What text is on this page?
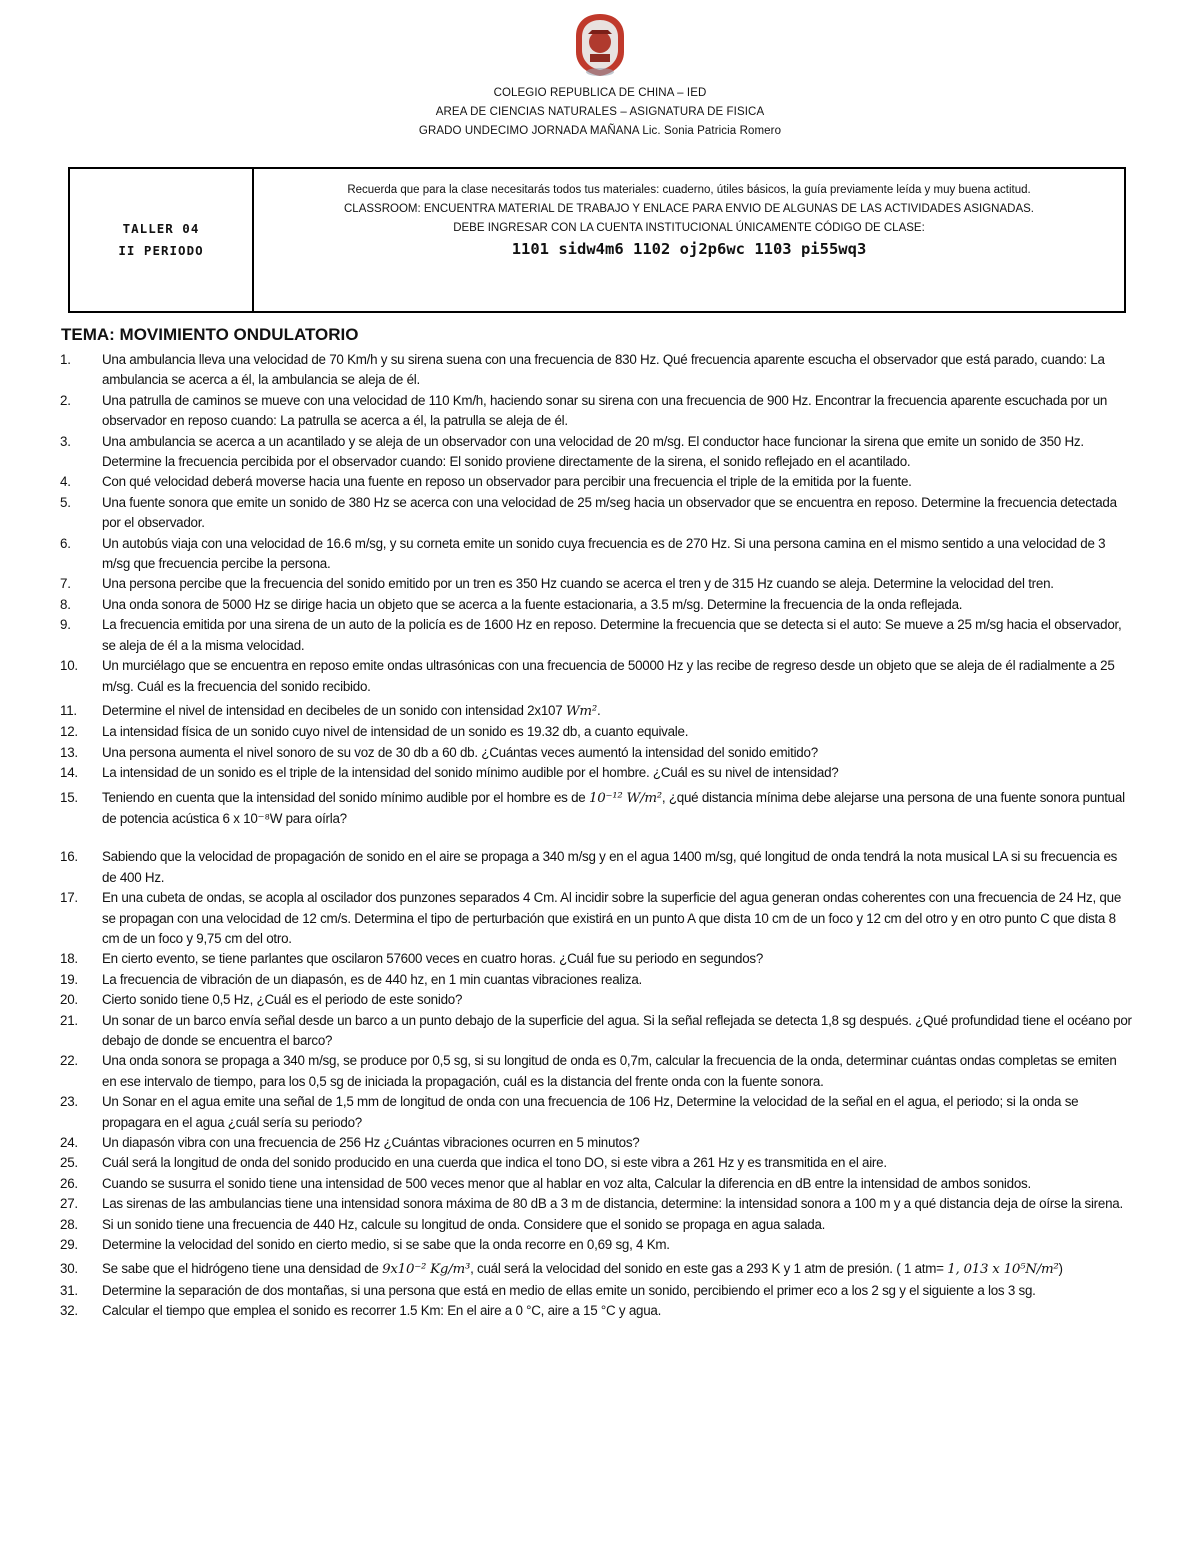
COLEGIO REPUBLICA DE CHINA – IED
AREA DE CIENCIAS NATURALES – ASIGNATURA DE FISICA
GRADO UNDECIMO JORNADA MAÑANA Lic. Sonia Patricia Romero
TALLER 04
II PERIODO
Recuerda que para la clase necesitarás todos tus materiales: cuaderno, útiles básicos, la guía previamente leída y muy buena actitud.
CLASSROOM: ENCUENTRA MATERIAL DE TRABAJO Y ENLACE PARA ENVIO DE ALGUNAS DE LAS ACTIVIDADES ASIGNADAS.
DEBE INGRESAR CON LA CUENTA INSTITUCIONAL ÚNICAMENTE CÓDIGO DE CLASE:
1101 sidw4m6 1102 oj2p6wc 1103 pi55wq3
TEMA: MOVIMIENTO ONDULATORIO
1.	Una ambulancia lleva una velocidad de 70 Km/h y su sirena suena con una frecuencia de 830 Hz. Qué frecuencia aparente escucha el observador que está parado, cuando: La ambulancia se acerca a él, la ambulancia se aleja de él.
2.	Una patrulla de caminos se mueve con una velocidad de 110 Km/h, haciendo sonar su sirena con una frecuencia de 900 Hz. Encontrar la frecuencia aparente escuchada por un observador en reposo cuando: La patrulla se acerca a él, la patrulla se aleja de él.
3.	Una ambulancia se acerca a un acantilado y se aleja de un observador con una velocidad de 20 m/sg. El conductor hace funcionar la sirena que emite un sonido de 350 Hz. Determine la frecuencia percibida por el observador cuando: El sonido proviene directamente de la sirena, el sonido reflejado en el acantilado.
4.	Con qué velocidad deberá moverse hacia una fuente en reposo un observador para percibir una frecuencia el triple de la emitida por la fuente.
5.	Una fuente sonora que emite un sonido de 380 Hz se acerca con una velocidad de 25 m/seg hacia un observador que se encuentra en reposo. Determine la frecuencia detectada por el observador.
6.	Un autobús viaja con una velocidad de 16.6 m/sg, y su corneta emite un sonido cuya frecuencia es de 270 Hz. Si una persona camina en el mismo sentido a una velocidad de 3 m/sg que frecuencia percibe la persona.
7.	Una persona percibe que la frecuencia del sonido emitido por un tren es 350 Hz cuando se acerca el tren y de 315 Hz cuando se aleja. Determine la velocidad del tren.
8.	Una onda sonora de 5000 Hz se dirige hacia un objeto que se acerca a la fuente estacionaria, a 3.5 m/sg. Determine la frecuencia de la onda reflejada.
9.	La frecuencia emitida por una sirena de un auto de la policía es de 1600 Hz en reposo. Determine la frecuencia que se detecta si el auto: Se mueve a 25 m/sg hacia el observador, se aleja de él a la misma velocidad.
10.	Un murciélago que se encuentra en reposo emite ondas ultrasónicas con una frecuencia de 50000 Hz y las recibe de regreso desde un objeto que se aleja de él radialmente a 25 m/sg. Cuál es la frecuencia del sonido recibido.
11.	Determine el nivel de intensidad en decibeles de un sonido con intensidad 2x107 Wm².
12.	La intensidad física de un sonido cuyo nivel de intensidad de un sonido es 19.32 db, a cuanto equivale.
13.	Una persona aumenta el nivel sonoro de su voz de 30 db a 60 db. ¿Cuántas veces aumentó la intensidad del sonido emitido?
14.	La intensidad de un sonido es el triple de la intensidad del sonido mínimo audible por el hombre. ¿Cuál es su nivel de intensidad?
15.	Teniendo en cuenta que la intensidad del sonido mínimo audible por el hombre es de 10⁻¹² W/m², ¿qué distancia mínima debe alejarse una persona de una fuente sonora puntual de potencia acústica 6 x 10⁻⁸W para oírla?
16.	Sabiendo que la velocidad de propagación de sonido en el aire se propaga a 340 m/sg y en el agua 1400 m/sg, qué longitud de onda tendrá la nota musical LA si su frecuencia es de 400 Hz.
17.	En una cubeta de ondas, se acopla al oscilador dos punzones separados 4 Cm. Al incidir sobre la superficie del agua generan ondas coherentes con una frecuencia de 24 Hz, que se propagan con una velocidad de 12 cm/s. Determina el tipo de perturbación que existirá en un punto A que dista 10 cm de un foco y 12 cm del otro y en otro punto C que dista 8 cm de un foco y 9,75 cm del otro.
18.	En cierto evento, se tiene parlantes que oscilaron 57600 veces en cuatro horas. ¿Cuál fue su periodo en segundos?
19.	La frecuencia de vibración de un diapasón, es de 440 hz, en 1 min cuantas vibraciones realiza.
20.	Cierto sonido tiene 0,5 Hz, ¿Cuál es el periodo de este sonido?
21.	Un sonar de un barco envía señal desde un barco a un punto debajo de la superficie del agua. Si la señal reflejada se detecta 1,8 sg después. ¿Qué profundidad tiene el océano por debajo de donde se encuentra el barco?
22.	Una onda sonora se propaga a 340 m/sg, se produce por 0,5 sg, si su longitud de onda es 0,7m, calcular la frecuencia de la onda, determinar cuántas ondas completas se emiten en ese intervalo de tiempo, para los 0,5 sg de iniciada la propagación, cuál es la distancia del frente onda con la fuente sonora.
23.	Un Sonar en el agua emite una señal de 1,5 mm de longitud de onda con una frecuencia de 106 Hz, Determine la velocidad de la señal en el agua, el periodo; si la onda se propagara en el agua ¿cuál sería su periodo?
24.	Un diapasón vibra con una frecuencia de 256 Hz ¿Cuántas vibraciones ocurren en 5 minutos?
25.	Cuál será la longitud de onda del sonido producido en una cuerda que indica el tono DO, si este vibra a 261 Hz y es transmitida en el aire.
26.	Cuando se susurra el sonido tiene una intensidad de 500 veces menor que al hablar en voz alta, Calcular la diferencia en dB entre la intensidad de ambos sonidos.
27.	Las sirenas de las ambulancias tiene una intensidad sonora máxima de 80 dB a 3 m de distancia, determine: la intensidad sonora a 100 m y a qué distancia deja de oírse la sirena.
28.	Si un sonido tiene una frecuencia de 440 Hz, calcule su longitud de onda. Considere que el sonido se propaga en agua salada.
29.	Determine la velocidad del sonido en cierto medio, si se sabe que la onda recorre en 0,69 sg, 4 Km.
30.	Se sabe que el hidrógeno tiene una densidad de 9x10⁻² Kg/m³, cuál será la velocidad del sonido en este gas a 293 K y 1 atm de presión. ( 1 atm= 1, 013 x 10⁵N/m²)
31.	Determine la separación de dos montañas, si una persona que está en medio de ellas emite un sonido, percibiendo el primer eco a los 2 sg y el siguiente a los 3 sg.
32.	Calcular el tiempo que emplea el sonido es recorrer 1.5 Km: En el aire a 0 °C, aire a 15 °C y agua.
